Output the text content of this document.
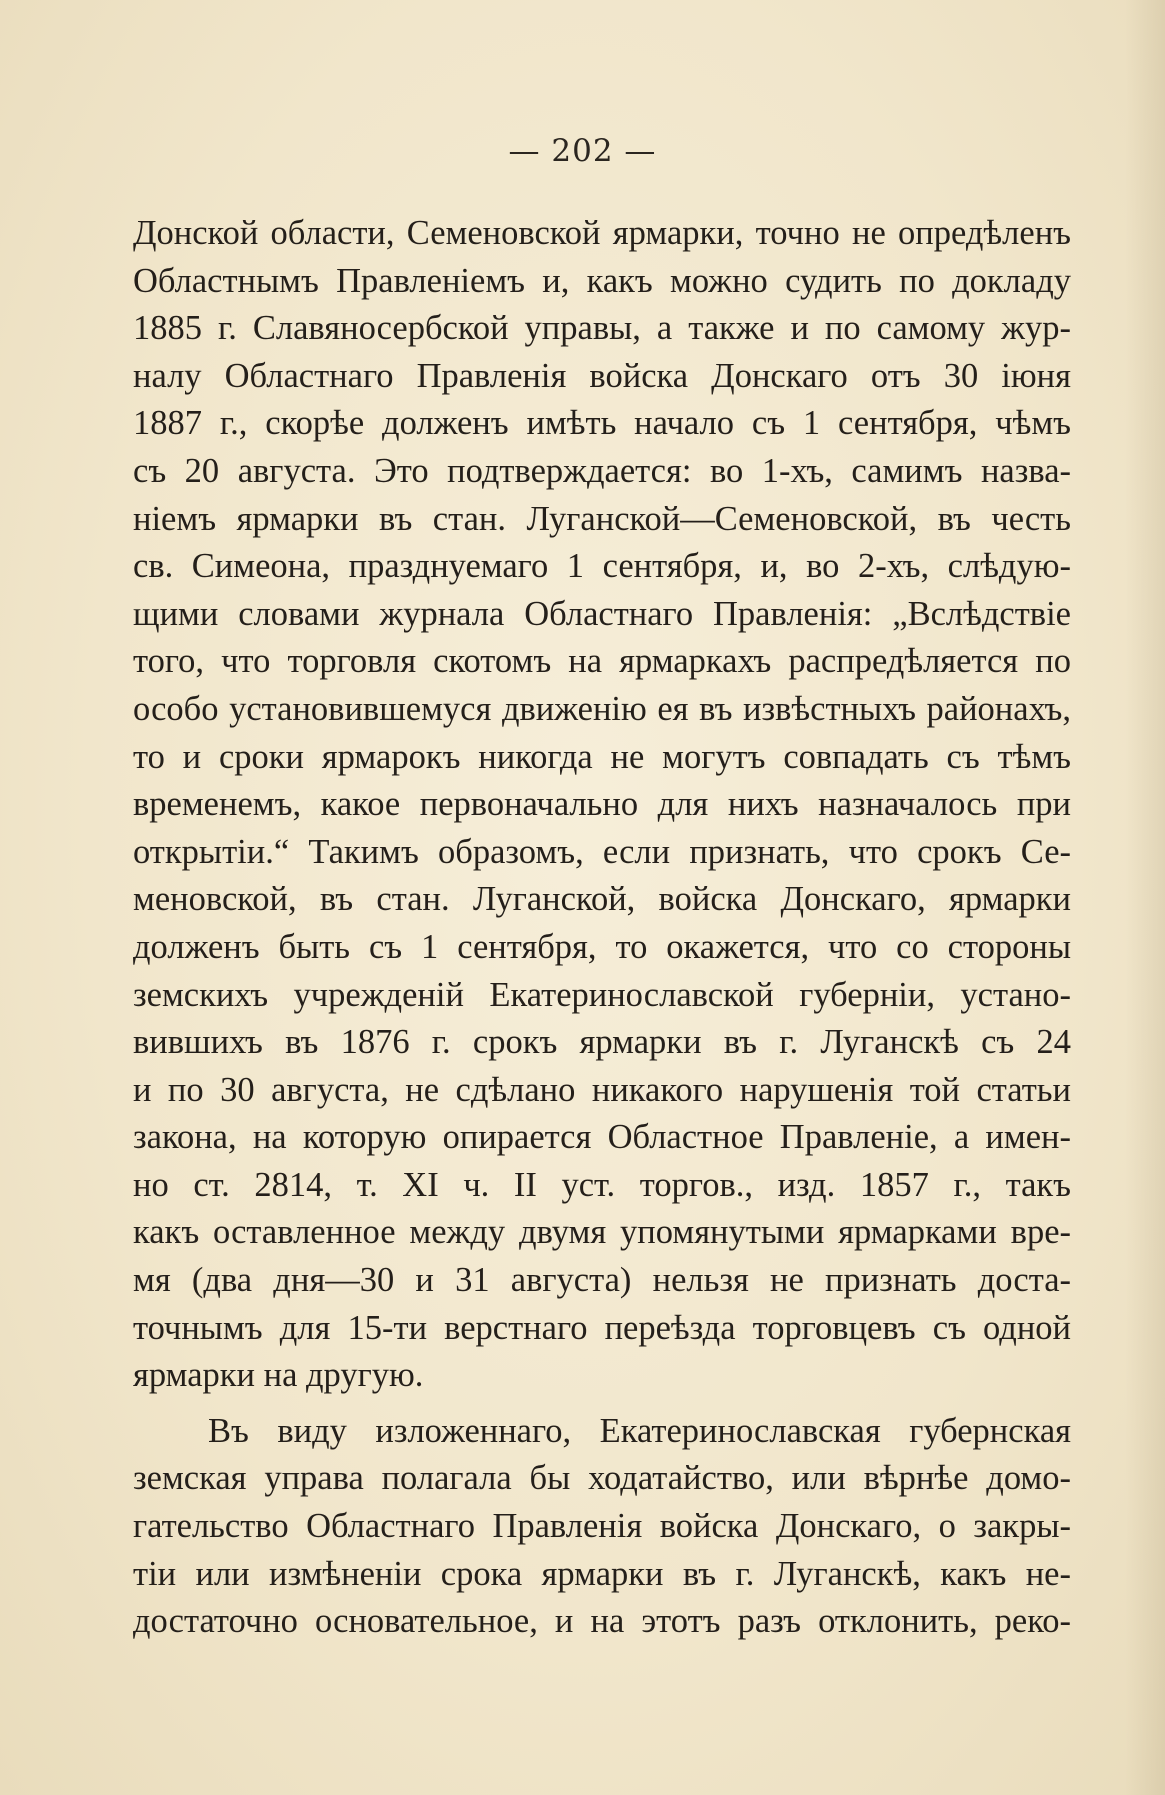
— 202 —
Донской области, Семеновской ярмарки, точно не опредѣленъ
Областнымъ Правленіемъ и, какъ можно судить по докладу
1885 г. Славяносербской управы, а также и по самому жур-
налу Областнаго Правленія войска Донскаго отъ 30 іюня
1887 г., скорѣе долженъ имѣть начало съ 1 сентября, чѣмъ
съ 20 августа. Это подтверждается: во 1-хъ, самимъ назва-
ніемъ ярмарки въ стан. Луганской—Семеновской, въ честь
св. Симеона, празднуемаго 1 сентября, и, во 2-хъ, слѣдую-
щими словами журнала Областнаго Правленія: „Вслѣдствіе
того, что торговля скотомъ на ярмаркахъ распредѣляется по
особо установившемуся движенію ея въ извѣстныхъ районахъ,
то и сроки ярмарокъ никогда не могутъ совпадать съ тѣмъ
временемъ, какое первоначально для нихъ назначалось при
открытіи.“ Такимъ образомъ, если признать, что срокъ Се-
меновской, въ стан. Луганской, войска Донскаго, ярмарки
долженъ быть съ 1 сентября, то окажется, что со стороны
земскихъ учрежденій Екатеринославской губерніи, устано-
вившихъ въ 1876 г. срокъ ярмарки въ г. Луганскѣ съ 24
и по 30 августа, не сдѣлано никакого нарушенія той статьи
закона, на которую опирается Областное Правленіе, а имен-
но ст. 2814, т. XI ч. II уст. торгов., изд. 1857 г., такъ
какъ оставленное между двумя упомянутыми ярмарками вре-
мя (два дня—30 и 31 августа) нельзя не признать доста-
точнымъ для 15-ти верстнаго переѣзда торговцевъ съ одной
ярмарки на другую.
Въ виду изложеннаго, Екатеринославская губернская
земская управа полагала бы ходатайство, или вѣрнѣе домо-
гательство Областнаго Правленія войска Донскаго, о закры-
тіи или измѣненіи срока ярмарки въ г. Луганскѣ, какъ не-
достаточно основательное, и на этотъ разъ отклонить, реко-
